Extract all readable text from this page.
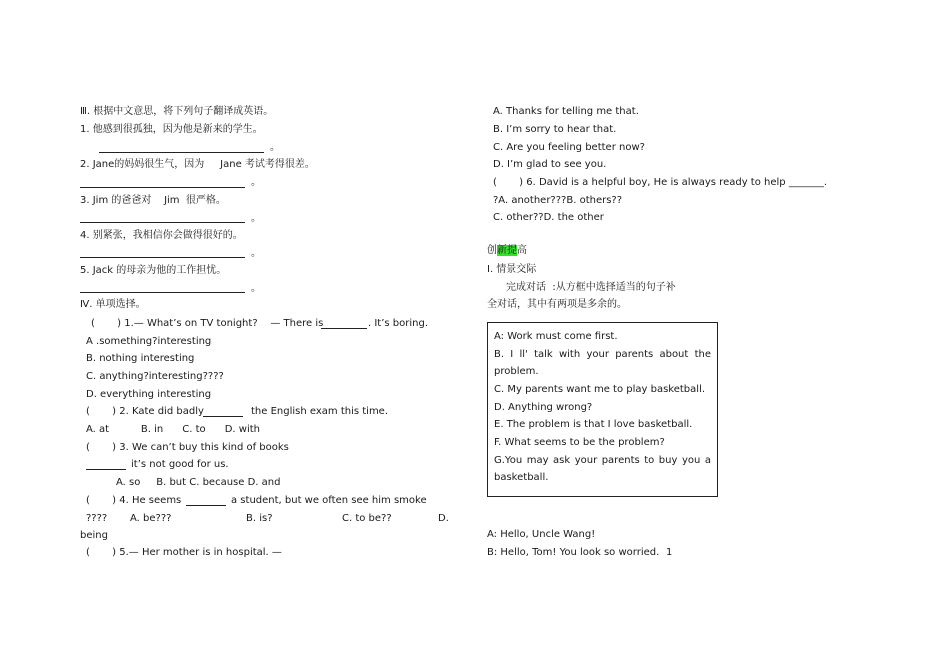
Ⅲ. 根据中文意思，将下列句子翻译成英语。
1. 他感到很孤独，因为他是新来的学生。
。
2. Jane的妈妈很生气，因为     Jane 考试考得很差。
。
3. Jim 的爸爸对    Jim  很严格。
。
4. 别紧张，我相信你会做得很好的。
。
5. Jack 的母亲为他的工作担忧。
。
Ⅳ. 单项选择。
(       ) 1.— What’s on TV tonight?    — There is	. It’s boring.
A .something?interesting
B. nothing interesting
C. anything?interesting????
D. everything interesting
(       ) 2. Kate did badly	the English exam this time.
A. at          B. in      C. to      D. with
(       ) 3. We can’t buy this kind of books
it’s not good for us.
A. so     B. but C. because D. and
(       ) 4. He seems	a student, but we often see him smoke
???? A. be???	B. is?	C. to be??	D.
being
(       ) 5.— Her mother is in hospital. —
A. Thanks for telling me that.
B. I’m sorry to hear that.
C. Are you feeling better now?
D. I’m glad to see you.
(       ) 6. David is a helpful boy, He is always ready to help _______.
?A. another???B. others??
C. other??D. the other
创新提高
Ⅰ. 情景交际
完成对话  :从方框中选择适当的句子补
全对话，其中有两项是多余的。
A: Work must come first.
B. I ll' talk with your parents about the
problem.
C. My parents want me to play basketball.
D. Anything wrong?
E. The problem is that I love basketball.
F. What seems to be the problem?
G.You may ask your parents to buy you a
basketball.
A: Hello, Uncle Wang!
B: Hello, Tom! You look so worried. 1
